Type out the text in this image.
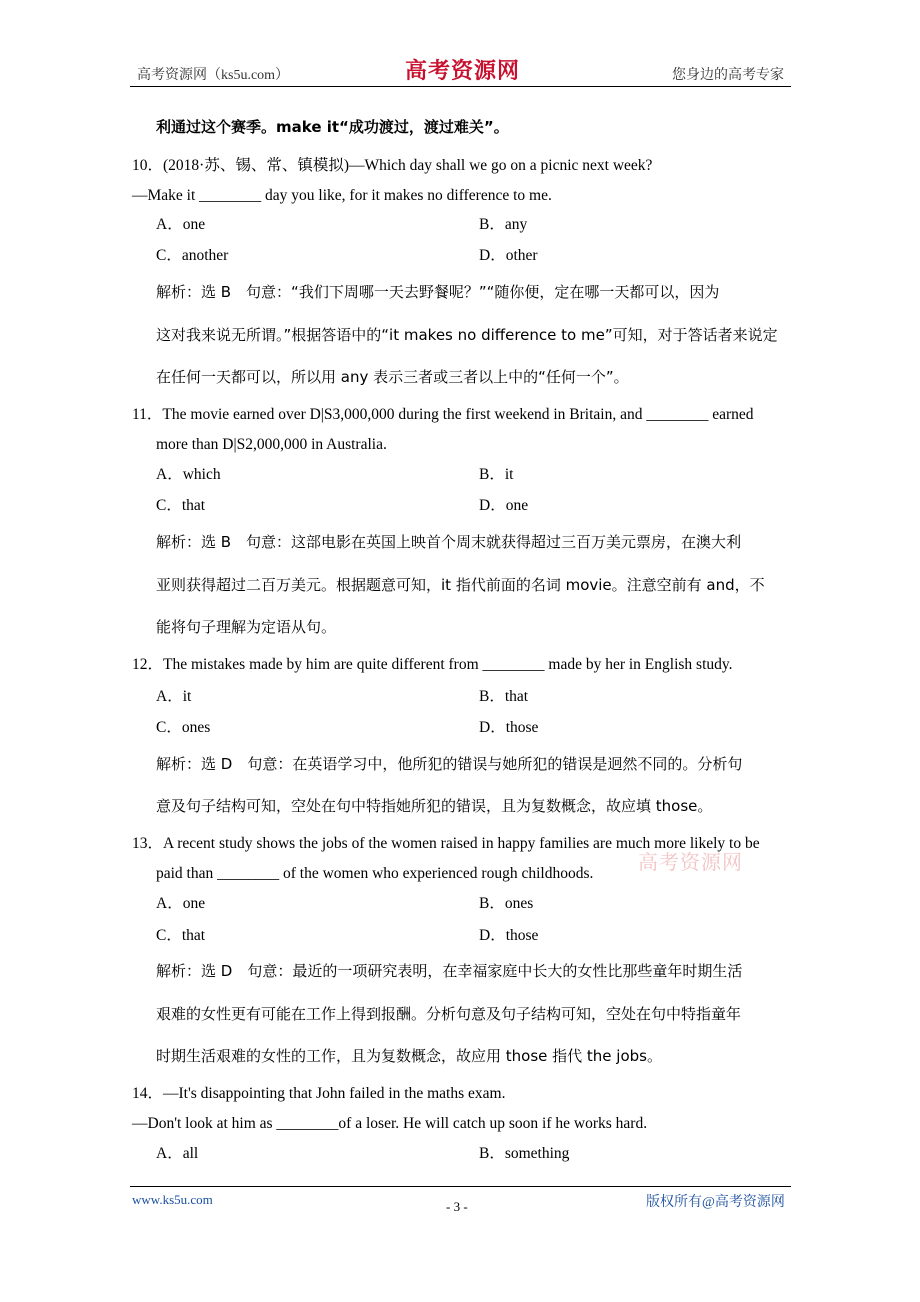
高考资源网（ks5u.com）	高考资源网	您身边的高考专家
高考资源网
利通过这个赛季。make it“成功渡过，渡过难关”。
10．(2018·苏、锡、常、镇模拟)—Which day shall we go on a picnic next week?
—Make it ________ day you like, for it makes no difference to me.
A．one	B．any
C．another	D．other
解析：选 B　句意：“我们下周哪一天去野餐呢？”“随你便，定在哪一天都可以，因为
这对我来说无所谓。”根据答语中的“it makes no difference to me”可知，对于答话者来说定
在任何一天都可以，所以用 any 表示三者或三者以上中的“任何一个”。
11．The movie earned over D|S3,000,000 during the first weekend in Britain, and ________ earned
more than D|S2,000,000 in Australia.
A．which	B．it
C．that	D．one
解析：选 B　句意：这部电影在英国上映首个周末就获得超过三百万美元票房，在澳大利
亚则获得超过二百万美元。根据题意可知，it 指代前面的名词 movie。注意空前有 and，不
能将句子理解为定语从句。
12．The mistakes made by him are quite different from ________ made by her in English study.
A．it	B．that
C．ones	D．those
解析：选 D　句意：在英语学习中，他所犯的错误与她所犯的错误是迥然不同的。分析句
意及句子结构可知，空处在句中特指她所犯的错误，且为复数概念，故应填 those。
13．A recent study shows the jobs of the women raised in happy families are much more likely to be
paid than ________ of the women who experienced rough childhoods.
A．one	B．ones
C．that	D．those
解析：选 D　句意：最近的一项研究表明，在幸福家庭中长大的女性比那些童年时期生活
艰难的女性更有可能在工作上得到报酬。分析句意及句子结构可知，空处在句中特指童年
时期生活艰难的女性的工作，且为复数概念，故应用 those 指代 the jobs。
14．—It's disappointing that John failed in the maths exam.
—Don't look at him as ________of a loser. He will catch up soon if he works hard.
A．all	B．something
www.ks5u.com	- 3 -	版权所有@高考资源网
